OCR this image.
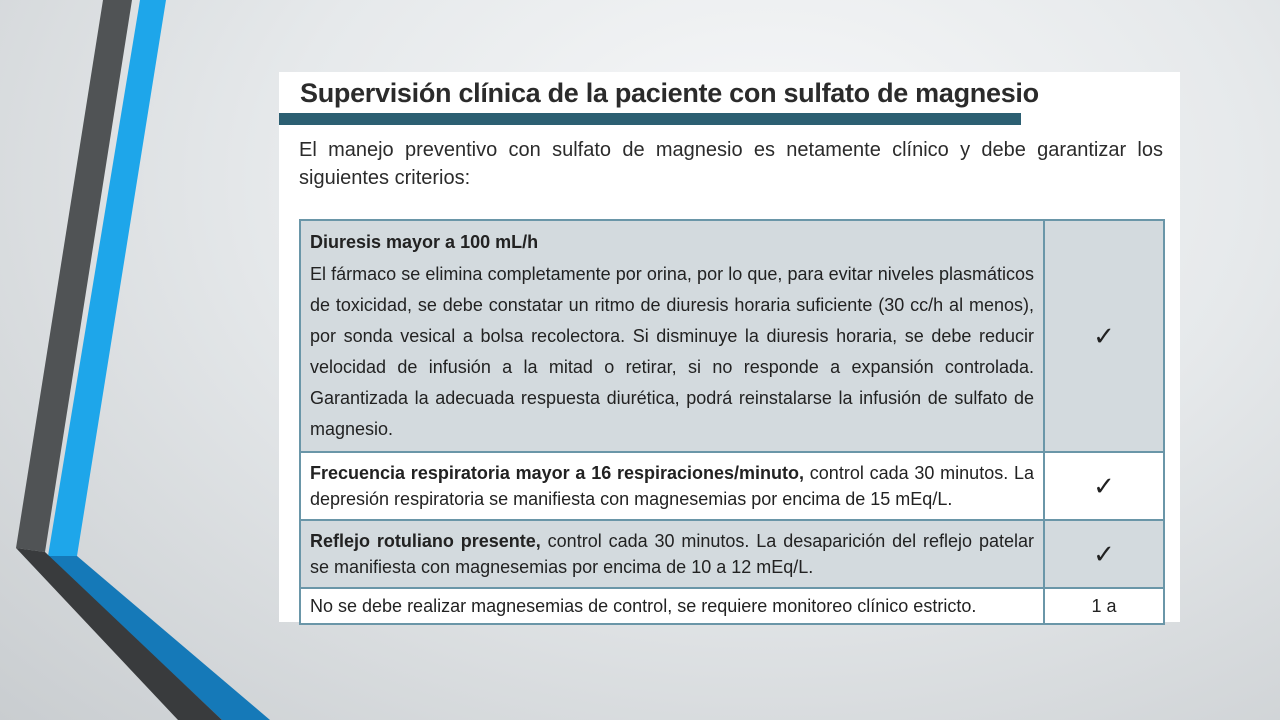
Supervisión clínica de la paciente con sulfato de magnesio

El manejo preventivo con sulfato de magnesio es netamente clínico y debe garantizar los siguientes criterios:

Diuresis mayor a 100 mL/h
El fármaco se elimina completamente por orina, por lo que, para evitar niveles plasmáticos de toxicidad, se debe constatar un ritmo de diuresis horaria suficiente (30 cc/h al menos), por sonda vesical a bolsa recolectora. Si disminuye la diuresis horaria, se debe reducir velocidad de infusión a la mitad o retirar, si no responde a expansión controlada. Garantizada la adecuada respuesta diurética, podrá reinstalarse la infusión de sulfato de magnesio.	✓
Frecuencia respiratoria mayor a 16 respiraciones/minuto, control cada 30 minutos. La depresión respiratoria se manifiesta con magnesemias por encima de 15 mEq/L.	✓
Reflejo rotuliano presente, control cada 30 minutos. La desaparición del reflejo patelar se manifiesta con magnesemias por encima de 10 a 12 mEq/L.	✓
No se debe realizar magnesemias de control, se requiere monitoreo clínico estricto.	1 a
